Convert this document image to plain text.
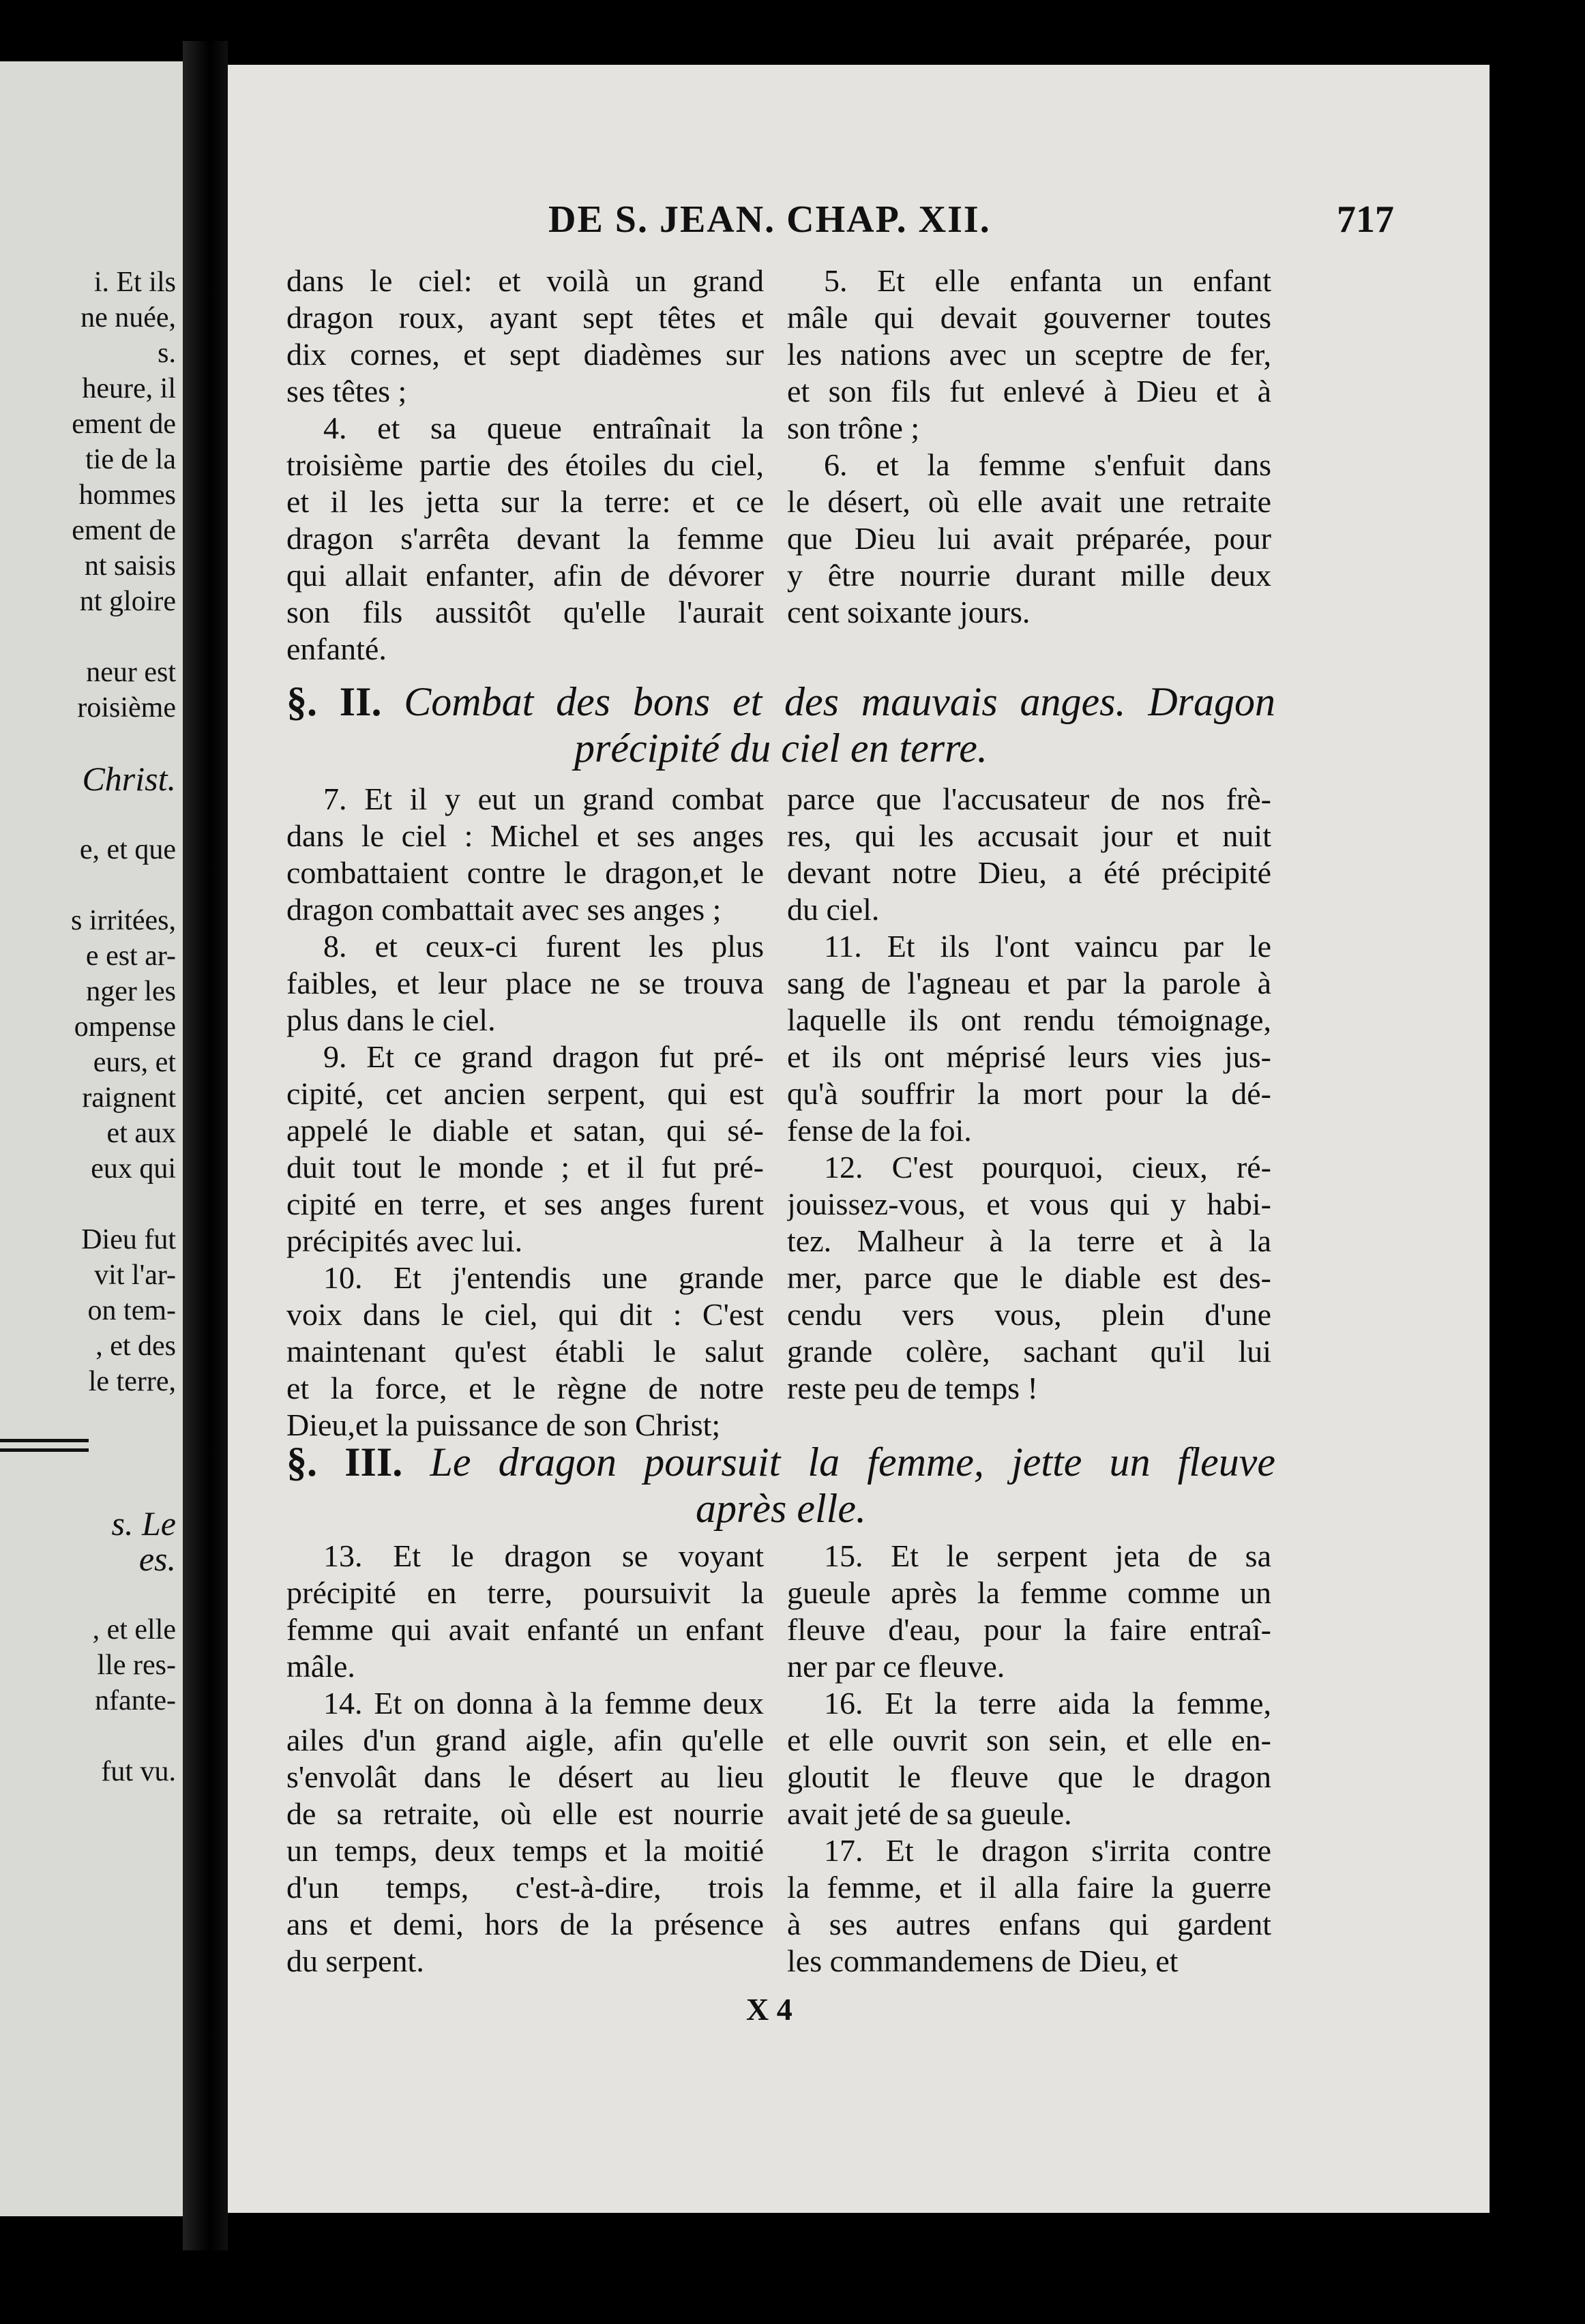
i. Et ils
ne nuée,
s.
heure, il
ement de
tie de la
hommes
ement de
nt saisis
nt gloire
neur est
roisième
Christ.
e, et que
s irritées,
e est ar-
nger les
ompense
eurs, et
raignent
et aux
eux qui
Dieu fut
vit l'ar-
on tem-
, et des
le terre,
s. Le
es.
, et elle
lle res-
nfante-
fut vu.
DE S. JEAN. CHAP. XII.	717
dans le ciel: et voilà un grand
dragon roux, ayant sept têtes et
dix cornes, et sept diadèmes sur
ses têtes ;
4. et sa queue entraînait la
troisième partie des étoiles du ciel,
et il les jetta sur la terre: et ce
dragon s'arrêta devant la femme
qui allait enfanter, afin de dévorer
son fils aussitôt qu'elle l'aurait
enfanté.
5. Et elle enfanta un enfant
mâle qui devait gouverner toutes
les nations avec un sceptre de fer,
et son fils fut enlevé à Dieu et à
son trône ;
6. et la femme s'enfuit dans
le désert, où elle avait une retraite
que Dieu lui avait préparée, pour
y être nourrie durant mille deux
cent soixante jours.
§. II. Combat des bons et des mauvais anges. Dragon
précipité du ciel en terre.
7. Et il y eut un grand combat
dans le ciel : Michel et ses anges
combattaient contre le dragon,et le
dragon combattait avec ses anges ;
8. et ceux-ci furent les plus
faibles, et leur place ne se trouva
plus dans le ciel.
9. Et ce grand dragon fut pré-
cipité, cet ancien serpent, qui est
appelé le diable et satan, qui sé-
duit tout le monde ; et il fut pré-
cipité en terre, et ses anges furent
précipités avec lui.
10. Et j'entendis une grande
voix dans le ciel, qui dit : C'est
maintenant qu'est établi le salut
et la force, et le règne de notre
Dieu,et la puissance de son Christ;
parce que l'accusateur de nos frè-
res, qui les accusait jour et nuit
devant notre Dieu, a été précipité
du ciel.
11. Et ils l'ont vaincu par le
sang de l'agneau et par la parole à
laquelle ils ont rendu témoignage,
et ils ont méprisé leurs vies jus-
qu'à souffrir la mort pour la dé-
fense de la foi.
12. C'est pourquoi, cieux, ré-
jouissez-vous, et vous qui y habi-
tez. Malheur à la terre et à la
mer, parce que le diable est des-
cendu vers vous, plein d'une
grande colère, sachant qu'il lui
reste peu de temps !
§. III. Le dragon poursuit la femme, jette un fleuve
après elle.
13. Et le dragon se voyant
précipité en terre, poursuivit la
femme qui avait enfanté un enfant
mâle.
14. Et on donna à la femme deux
ailes d'un grand aigle, afin qu'elle
s'envolât dans le désert au lieu
de sa retraite, où elle est nourrie
un temps, deux temps et la moitié
d'un temps, c'est-à-dire, trois
ans et demi, hors de la présence
du serpent.
15. Et le serpent jeta de sa
gueule après la femme comme un
fleuve d'eau, pour la faire entraî-
ner par ce fleuve.
16. Et la terre aida la femme,
et elle ouvrit son sein, et elle en-
gloutit le fleuve que le dragon
avait jeté de sa gueule.
17. Et le dragon s'irrita contre
la femme, et il alla faire la guerre
à ses autres enfans qui gardent
les commandemens de Dieu, et
X 4
